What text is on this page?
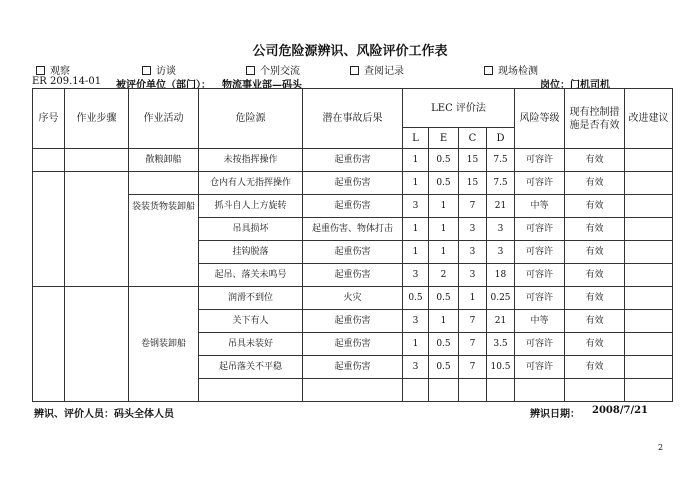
公司危险源辨识、风险评价工作表
观察	访谈	个别交流	查阅记录	现场检测
ER 209.14-01 被评价单位（部门）： 物流事业部—码头	岗位：门机司机
序号	作业步骤	作业活动	危险源	潜在事故后果	LEC 评价法				风险等级	现有控制措施是否有效	改进建议
					L	E	C	D			
		散粮卸船	未按指挥操作	起重伤害	1	0.5	15	7.5	可容许	有效	
			仓内有人无指挥操作	起重伤害	1	0.5	15	7.5	可容许	有效	
		袋装货物装卸船	抓斗自人上方旋转	起重伤害	3	1	7	21	中等	有效	
			吊具损坏	起重伤害、物体打击	1	1	3	3	可容许	有效	
			挂钩脱落	起重伤害	1	1	3	3	可容许	有效	
			起吊、落关未鸣号	起重伤害	3	2	3	18	可容许	有效	
		卷钢装卸船	润滑不到位	火灾	0.5	0.5	1	0.25	可容许	有效	
			关下有人	起重伤害	3	1	7	21	中等	有效	
			吊具未装好	起重伤害	1	0.5	7	3.5	可容许	有效	
			起吊落关不平稳	起重伤害	3	0.5	7	10.5	可容许	有效	

辨识、评价人员：码头全体人员	辨识日期： 2008/7/21
2
